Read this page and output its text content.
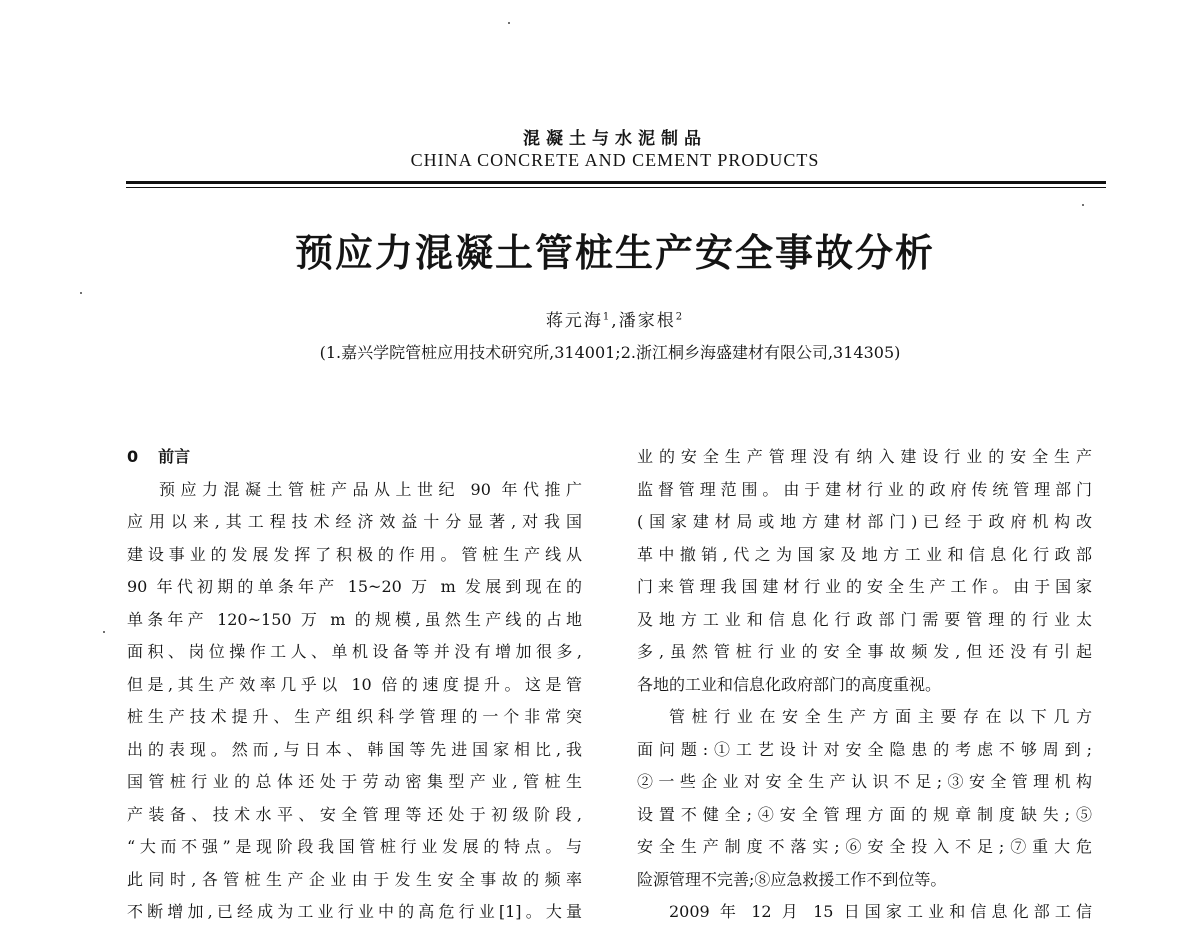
混凝土与水泥制品
CHINA CONCRETE AND CEMENT PRODUCTS
预应力混凝土管桩生产安全事故分析
蒋元海$^1$,潘家根$^2$
(1.嘉兴学院管桩应用技术研究所,314001;2.浙江桐乡海盛建材有限公司,314305)
0 前言
预应力混凝土管桩产品从上世纪 90 年代推广
应用以来,其工程技术经济效益十分显著,对我国
建设事业的发展发挥了积极的作用。管桩生产线从
90 年代初期的单条年产 15~20 万 m 发展到现在的
单条年产 120~150 万 m 的规模,虽然生产线的占地
面积、岗位操作工人、单机设备等并没有增加很多,
但是,其生产效率几乎以 10 倍的速度提升。这是管
桩生产技术提升、生产组织科学管理的一个非常突
出的表现。然而,与日本、韩国等先进国家相比,我
国管桩行业的总体还处于劳动密集型产业,管桩生
产装备、技术水平、安全管理等还处于初级阶段,
“大而不强”是现阶段我国管桩行业发展的特点。与
此同时,各管桩生产企业由于发生安全事故的频率
不断增加,已经成为工业行业中的高危行业[1]。大量
业的安全生产管理没有纳入建设行业的安全生产
监督管理范围。由于建材行业的政府传统管理部门
(国家建材局或地方建材部门)已经于政府机构改
革中撤销,代之为国家及地方工业和信息化行政部
门来管理我国建材行业的安全生产工作。由于国家
及地方工业和信息化行政部门需要管理的行业太
多,虽然管桩行业的安全事故频发,但还没有引起
各地的工业和信息化政府部门的高度重视。
管桩行业在安全生产方面主要存在以下几方
面问题:①工艺设计对安全隐患的考虑不够周到;
②一些企业对安全生产认识不足;③安全管理机构
设置不健全;④安全管理方面的规章制度缺失;⑤
安全生产制度不落实;⑥安全投入不足;⑦重大危
险源管理不完善;⑧应急救援工作不到位等。
2009 年 12 月 15 日国家工业和信息化部工信
